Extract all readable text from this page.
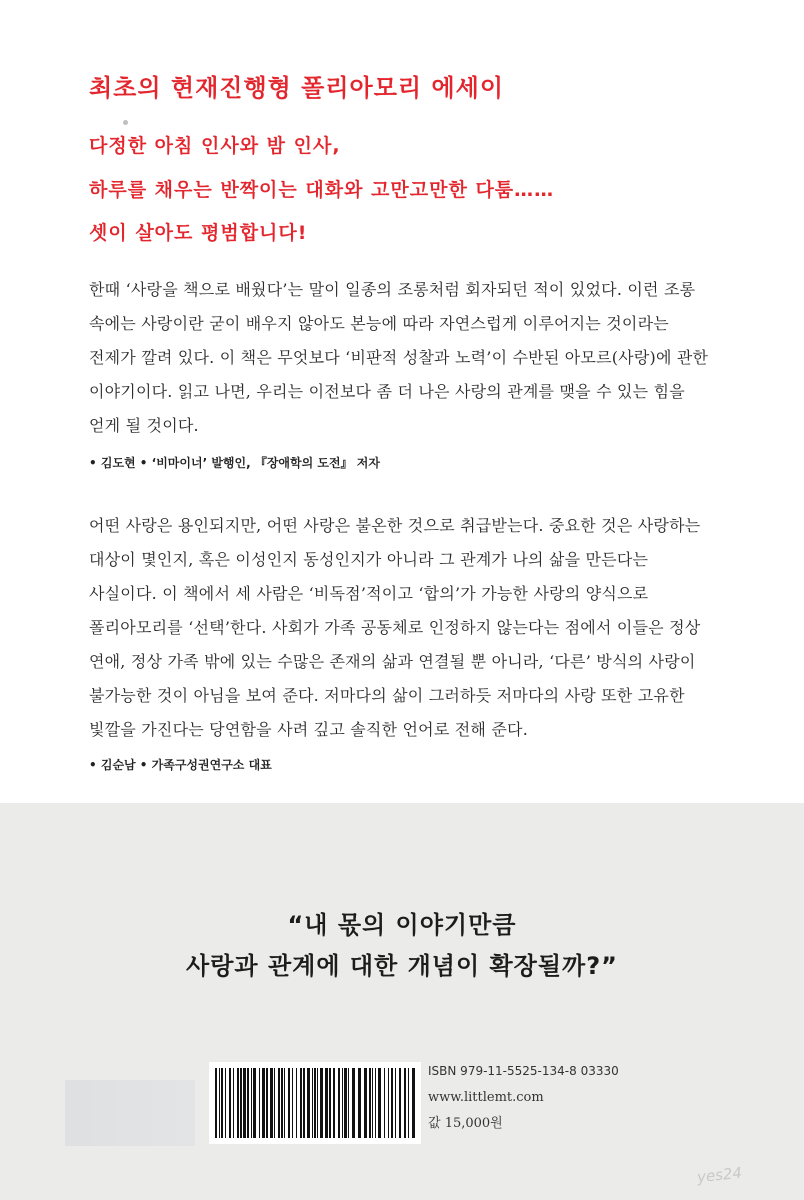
최초의 현재진행형 폴리아모리 에세이
다정한 아침 인사와 밤 인사,
하루를 채우는 반짝이는 대화와 고만고만한 다툼……
셋이 살아도 평범합니다!
한때 ‘사랑을 책으로 배웠다’는 말이 일종의 조롱처럼 회자되던 적이 있었다. 이런 조롱
속에는 사랑이란 굳이 배우지 않아도 본능에 따라 자연스럽게 이루어지는 것이라는
전제가 깔려 있다. 이 책은 무엇보다 ‘비판적 성찰과 노력’이 수반된 아모르(사랑)에 관한
이야기이다. 읽고 나면, 우리는 이전보다 좀 더 나은 사랑의 관계를 맺을 수 있는 힘을
얻게 될 것이다.
• 김도현 • ‘비마이너’ 발행인, 『장애학의 도전』 저자
어떤 사랑은 용인되지만, 어떤 사랑은 불온한 것으로 취급받는다. 중요한 것은 사랑하는
대상이 몇인지, 혹은 이성인지 동성인지가 아니라 그 관계가 나의 삶을 만든다는
사실이다. 이 책에서 세 사람은 ‘비독점’적이고 ‘합의’가 가능한 사랑의 양식으로
폴리아모리를 ‘선택’한다. 사회가 가족 공동체로 인정하지 않는다는 점에서 이들은 정상
연애, 정상 가족 밖에 있는 수많은 존재의 삶과 연결될 뿐 아니라, ‘다른’ 방식의 사랑이
불가능한 것이 아님을 보여 준다. 저마다의 삶이 그러하듯 저마다의 사랑 또한 고유한
빛깔을 가진다는 당연함을 사려 깊고 솔직한 언어로 전해 준다.
• 김순남 • 가족구성권연구소 대표
“내 몫의 이야기만큼
사랑과 관계에 대한 개념이 확장될까?”
ISBN 979-11-5525-134-8 03330
www.littlemt.com
값 15,000원
yes24
